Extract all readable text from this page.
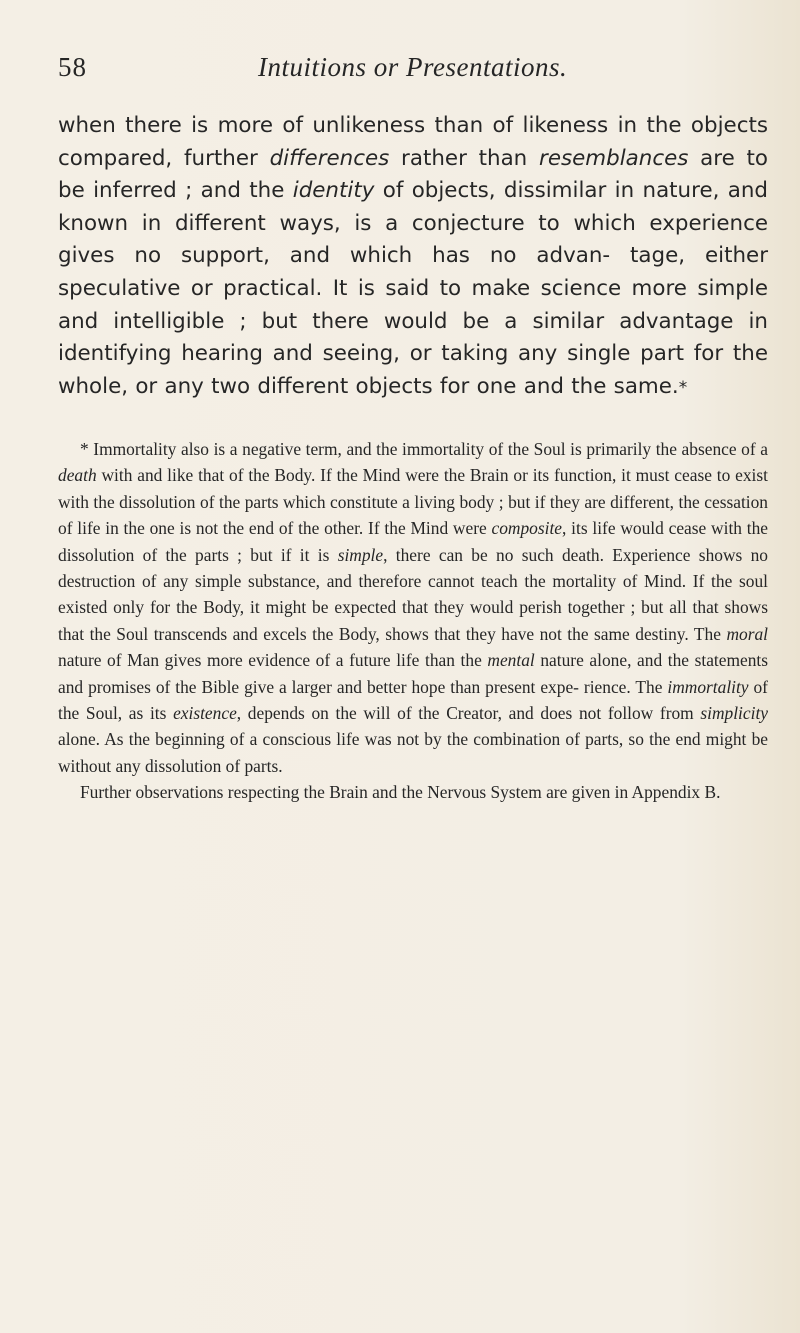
58	Intuitions or Presentations.

when there is more of unlikeness than of likeness in the objects compared, further differences rather than resemblances are to be inferred ; and the identity of objects, dissimilar in nature, and known in different ways, is a conjecture to which experience gives no support, and which has no advan- tage, either speculative or practical. It is said to make science more simple and intelligible ; but there would be a similar advantage in identifying hearing and seeing, or taking any single part for the whole, or any two different objects for one and the same.*

* Immortality also is a negative term, and the immortality of the Soul is primarily the absence of a death with and like that of the Body. If the Mind were the Brain or its function, it must cease to exist with the dissolution of the parts which constitute a living body ; but if they are different, the cessation of life in the one is not the end of the other. If the Mind were composite, its life would cease with the dissolution of the parts ; but if it is simple, there can be no such death. Experience shows no destruction of any simple substance, and therefore cannot teach the mortality of Mind. If the soul existed only for the Body, it might be expected that they would perish together ; but all that shows that the Soul transcends and excels the Body, shows that they have not the same destiny. The moral nature of Man gives more evidence of a future life than the mental nature alone, and the statements and promises of the Bible give a larger and better hope than present expe- rience. The immortality of the Soul, as its existence, depends on the will of the Creator, and does not follow from simplicity alone. As the beginning of a conscious life was not by the combination of parts, so the end might be without any dissolution of parts.

Further observations respecting the Brain and the Nervous System are given in Appendix B.
